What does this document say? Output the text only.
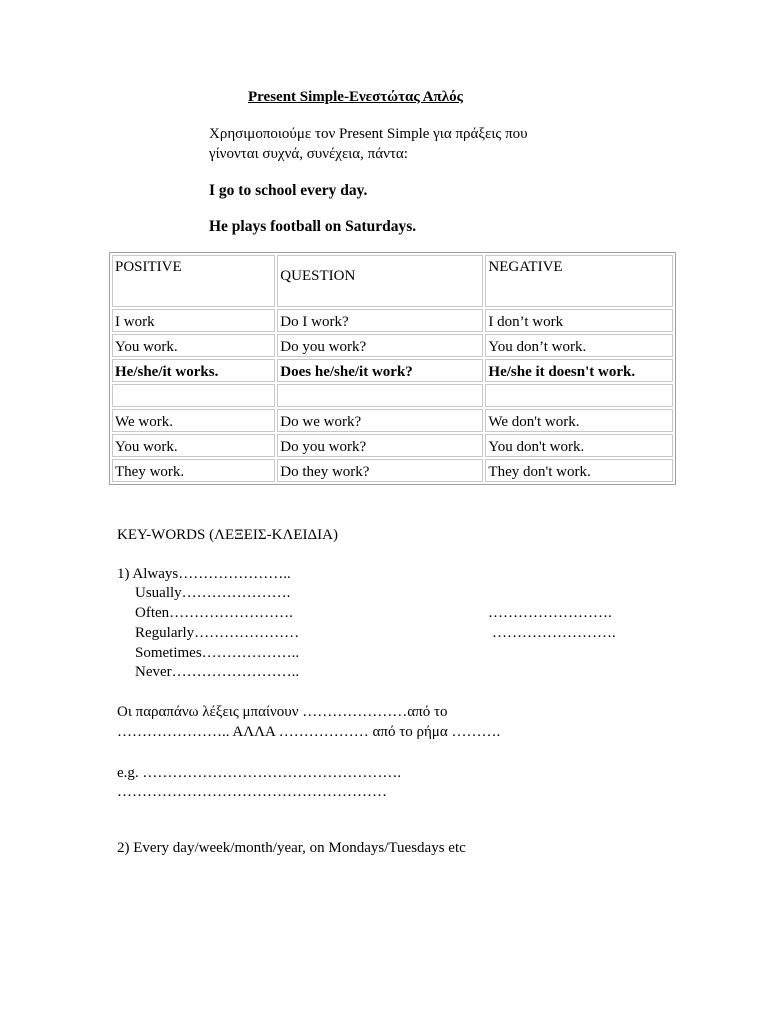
Present Simple-Ενεστώτας Απλός
Χρησιμοποιούμε τον Present Simple για πράξεις που
γίνονται συχνά, συνέχεια, πάντα:
I go to school every day.
He plays football on Saturdays.
POSITIVE	QUESTION	NEGATIVE
I work	Do I work?	I don’t work
You work.	Do you work?	You don’t work.
He/she/it works.	Does he/she/it work?	He/she it doesn't work.

We work.	Do we work?	We don't work.
You work.	Do you work?	You don't work.
They work.	Do they work?	They don't work.
KEY-WORDS (ΛΕΞΕΙΣ-ΚΛΕΙΔΙΑ)
1) Always…………………..
Usually………………….
Often…………………….
Regularly…………………
Sometimes………………..
Never……………………..
…………………….
…………………….
Οι παραπάνω λέξεις μπαίνουν …………………από το
………………….. ΑΛΛΑ ……………… από το ρήμα ……….
e.g. …………………………………………….
………………………………………………
2) Every day/week/month/year, on Mondays/Tuesdays etc
